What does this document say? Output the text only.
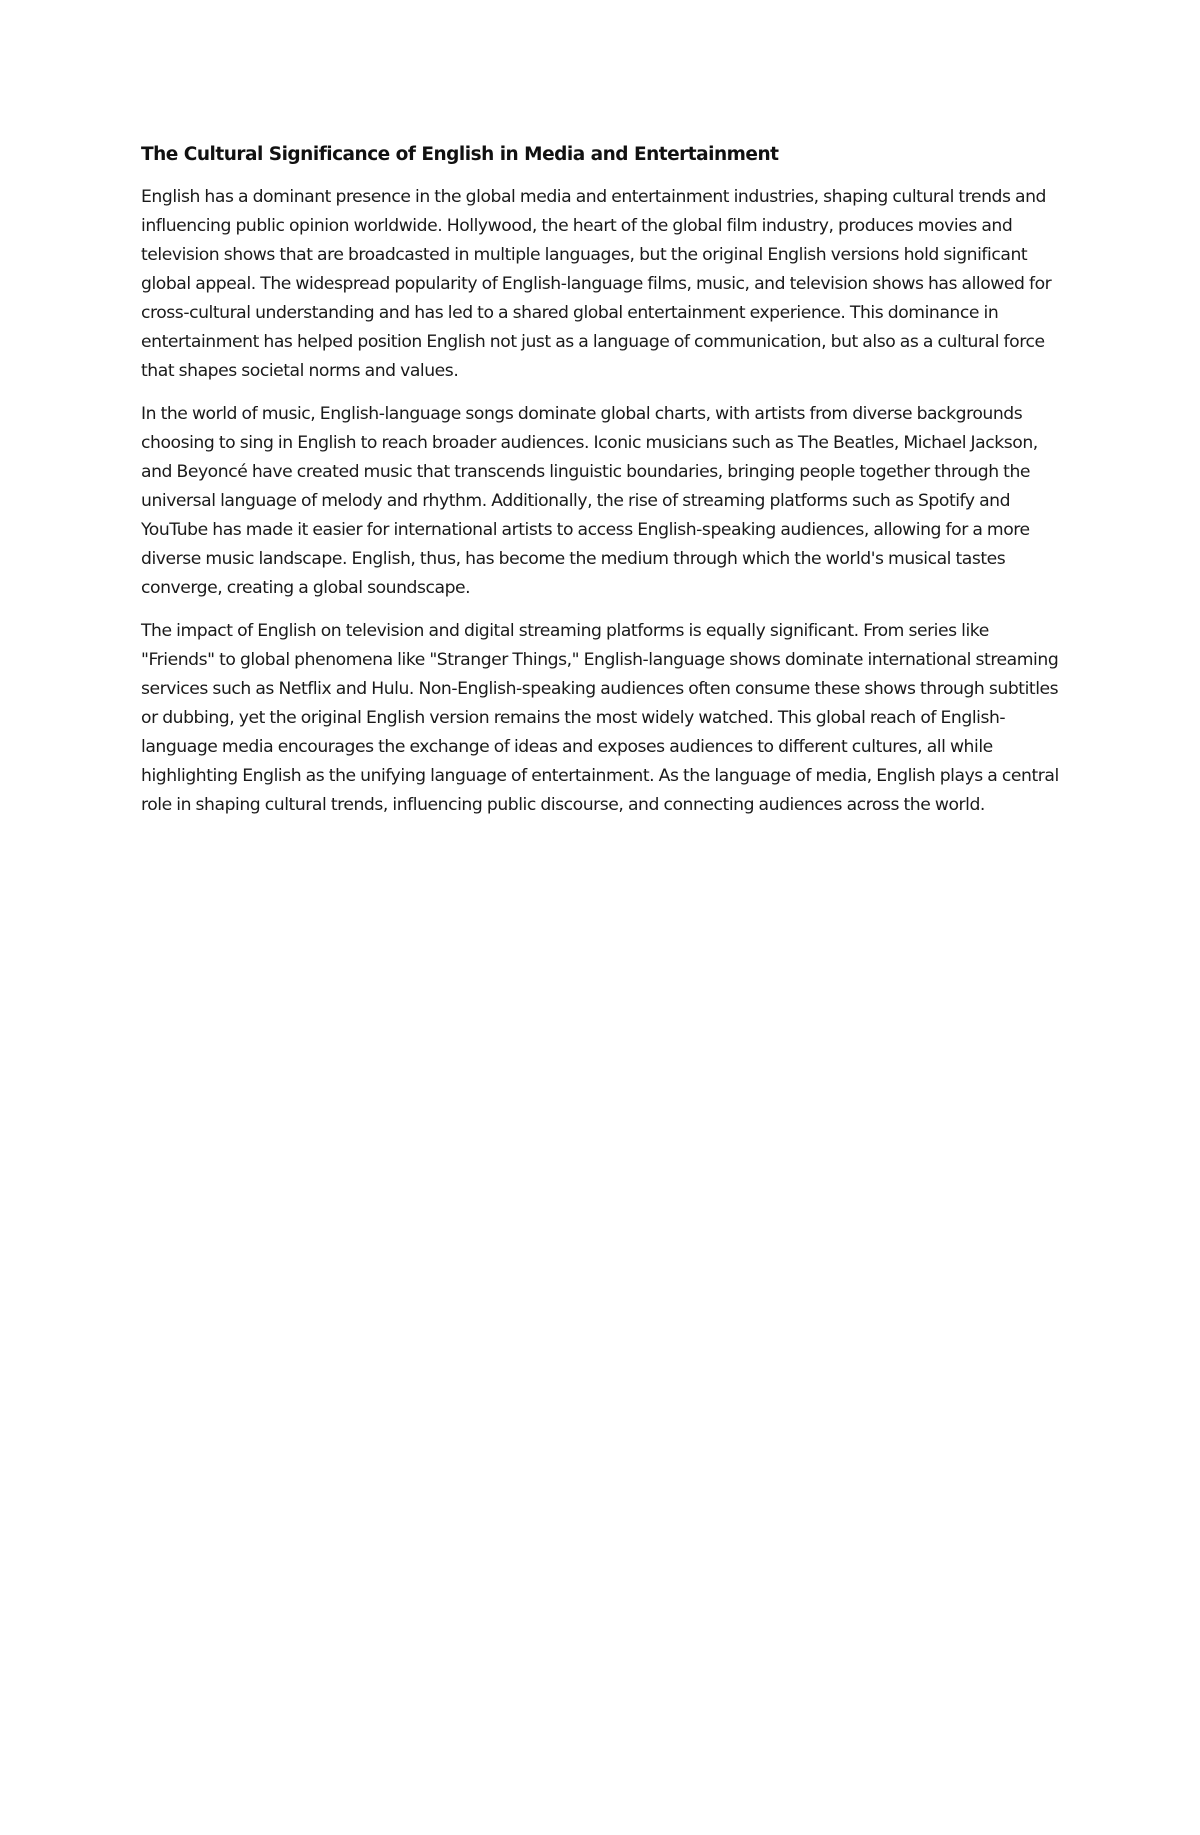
The Cultural Significance of English in Media and Entertainment

English has a dominant presence in the global media and entertainment industries, shaping cultural trends and influencing public opinion worldwide. Hollywood, the heart of the global film industry, produces movies and television shows that are broadcasted in multiple languages, but the original English versions hold significant global appeal. The widespread popularity of English-language films, music, and television shows has allowed for cross-cultural understanding and has led to a shared global entertainment experience. This dominance in entertainment has helped position English not just as a language of communication, but also as a cultural force that shapes societal norms and values.

In the world of music, English-language songs dominate global charts, with artists from diverse backgrounds choosing to sing in English to reach broader audiences. Iconic musicians such as The Beatles, Michael Jackson, and Beyoncé have created music that transcends linguistic boundaries, bringing people together through the universal language of melody and rhythm. Additionally, the rise of streaming platforms such as Spotify and YouTube has made it easier for international artists to access English-speaking audiences, allowing for a more diverse music landscape. English, thus, has become the medium through which the world's musical tastes converge, creating a global soundscape.

The impact of English on television and digital streaming platforms is equally significant. From series like "Friends" to global phenomena like "Stranger Things," English-language shows dominate international streaming services such as Netflix and Hulu. Non-English-speaking audiences often consume these shows through subtitles or dubbing, yet the original English version remains the most widely watched. This global reach of English-language media encourages the exchange of ideas and exposes audiences to different cultures, all while highlighting English as the unifying language of entertainment. As the language of media, English plays a central role in shaping cultural trends, influencing public discourse, and connecting audiences across the world.
